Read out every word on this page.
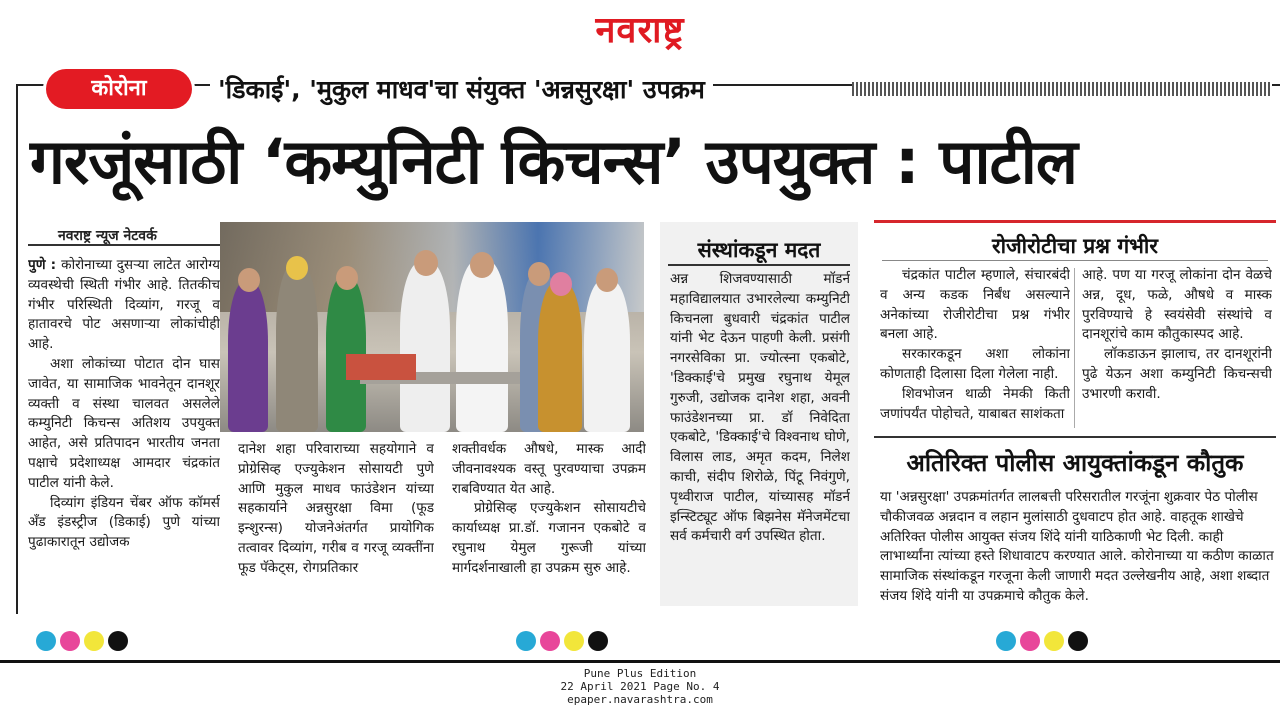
नवराष्ट्र
कोरोना	'डिकाई', 'मुकुल माधव'चा संयुक्त 'अन्नसुरक्षा' उपक्रम
गरजूंसाठी ‘कम्युनिटी किचन्स’ उपयुक्त : पाटील
नवराष्ट्र न्यूज नेटवर्क

पुणे : कोरोनाच्या दुसऱ्या लाटेत आरोग्य व्यवस्थेची स्थिती गंभीर आहे. तितकीच गंभीर परिस्थिती दिव्यांग, गरजू व हातावरचे पोट असणाऱ्या लोकांचीही आहे.

अशा लोकांच्या पोटात दोन घास जावेत, या सामाजिक भावनेतून दानशूर व्यक्ती व संस्था चालवत असलेले कम्युनिटी किचन्स अतिशय उपयुक्त आहेत, असे प्रतिपादन भारतीय जनता पक्षाचे प्रदेशाध्यक्ष आमदार चंद्रकांत पाटील यांनी केले.

दिव्यांग इंडियन चेंबर ऑफ कॉमर्स अँड इंडस्ट्रीज (डिकाई) पुणे यांच्या पुढाकारातून उद्योजक

दानेश शहा परिवाराच्या सहयोगाने व प्रोग्रेसिव्ह एज्युकेशन सोसायटी पुणे आणि मुकुल माधव फाउंडेशन यांच्या सहकार्याने अन्नसुरक्षा विमा (फूड इन्शुरन्स) योजनेअंतर्गत प्रायोगिक तत्वावर दिव्यांग, गरीब व गरजू व्यक्तींना फूड पॅकेट्स, रोगप्रतिकार

शक्तीवर्धक औषधे, मास्क आदी जीवनावश्यक वस्तू पुरवण्याचा उपक्रम राबविण्यात येत आहे.

प्रोग्रेसिव्ह एज्युकेशन सोसायटीचे कार्याध्यक्ष प्रा.डॉ. गजानन एकबोटे व रघुनाथ येमुल गुरूजी यांच्या मार्गदर्शनाखाली हा उपक्रम सुरु आहे.

संस्थांकडून मदत

अन्न शिजवण्यासाठी मॉडर्न महाविद्यालयात उभारलेल्या कम्युनिटी किचनला बुधवारी चंद्रकांत पाटील यांनी भेट देऊन पाहणी केली. प्रसंगी नगरसेविका प्रा. ज्योत्स्ना एकबोटे, 'डिक्काई'चे प्रमुख रघुनाथ येमूल गुरुजी, उद्योजक दानेश शहा, अवनी फाउंडेशनच्या प्रा. डॉ निवेदिता एकबोटे, 'डिक्काई'चे विश्वनाथ घोणे, विलास लाड, अमृत कदम, निलेश काची, संदीप शिरोळे, पिंटू निवंगुणे, पृथ्वीराज पाटील, यांच्यासह मॉडर्न इन्स्टिट्यूट ऑफ बिझनेस मॅनेजमेंटचा सर्व कर्मचारी वर्ग उपस्थित होता.

रोजीरोटीचा प्रश्न गंभीर

चंद्रकांत पाटील म्हणाले, संचारबंदी व अन्य कडक निर्बंध असल्याने अनेकांच्या रोजीरोटीचा प्रश्न गंभीर बनला आहे.

सरकारकडून अशा लोकांना कोणताही दिलासा दिला गेलेला नाही.

शिवभोजन थाळी नेमकी किती जणांपर्यंत पोहोचते, याबाबत साशंकता

आहे. पण या गरजू लोकांना दोन वेळचे अन्न, दूध, फळे, औषधे व मास्क पुरविण्याचे हे स्वयंसेवी संस्थांचे व दानशूरांचे काम कौतुकास्पद आहे.

लॉकडाऊन झालाच, तर दानशूरांनी पुढे येऊन अशा कम्युनिटी किचन्सची उभारणी करावी.

अतिरिक्त पोलीस आयुक्तांकडून कौतुक

या 'अन्नसुरक्षा' उपक्रमांतर्गत लालबत्ती परिसरातील गरजूंना शुक्रवार पेठ पोलीस चौकीजवळ अन्नदान व लहान मुलांसाठी दुधवाटप होत आहे. वाहतूक शाखेचे अतिरिक्त पोलीस आयुक्त संजय शिंदे यांनी याठिकाणी भेट दिली. काही लाभार्थ्यांना त्यांच्या हस्ते शिधावाटप करण्यात आले. कोरोनाच्या या कठीण काळात सामाजिक संस्थांकडून गरजूना केली जाणारी मदत उल्लेखनीय आहे, अशा शब्दात संजय शिंदे यांनी या उपक्रमाचे कौतुक केले.

Pune Plus Edition
22 April 2021 Page No. 4
epaper.navarashtra.com
